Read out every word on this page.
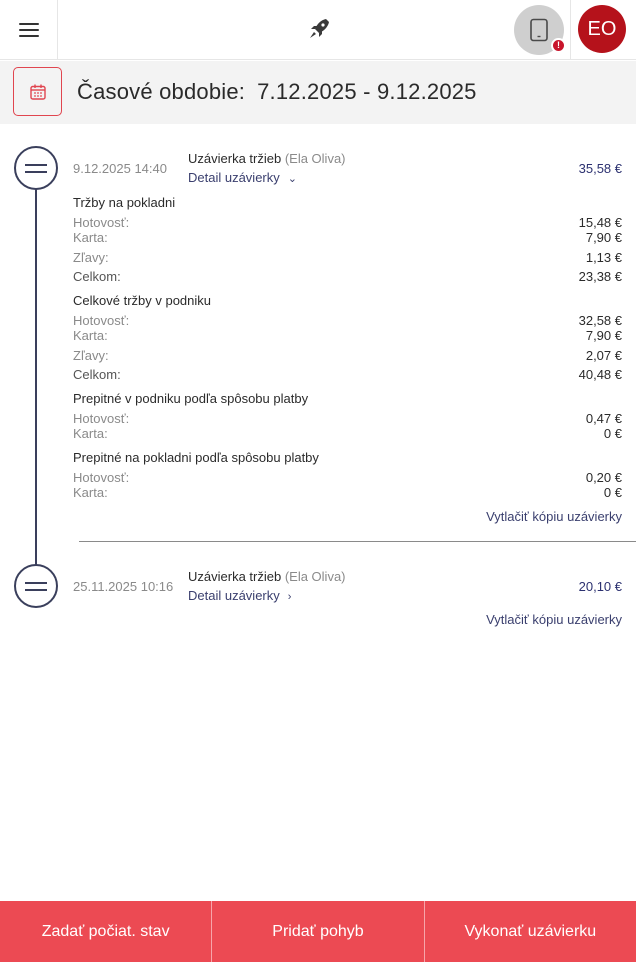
!
EO
Časové obdobie: 7.12.2025 - 9.12.2025
9.12.2025 14:40
Uzávierka tržieb (Ela Oliva)
Detail uzávierky ⌄
35,58 €
Tržby na pokladni
Hotovosť:	15,48 €
Karta:	7,90 €
Zľavy:	1,13 €
Celkom:	23,38 €
Celkové tržby v podniku
Hotovosť:	32,58 €
Karta:	7,90 €
Zľavy:	2,07 €
Celkom:	40,48 €
Prepitné v podniku podľa spôsobu platby
Hotovosť:	0,47 €
Karta:	0 €
Prepitné na pokladni podľa spôsobu platby
Hotovosť:	0,20 €
Karta:	0 €
Vytlačiť kópiu uzávierky
25.11.2025 10:16
Uzávierka tržieb (Ela Oliva)
Detail uzávierky ›
20,10 €
Vytlačiť kópiu uzávierky
Zadať počiat. stav	Pridať pohyb	Vykonať uzávierku
